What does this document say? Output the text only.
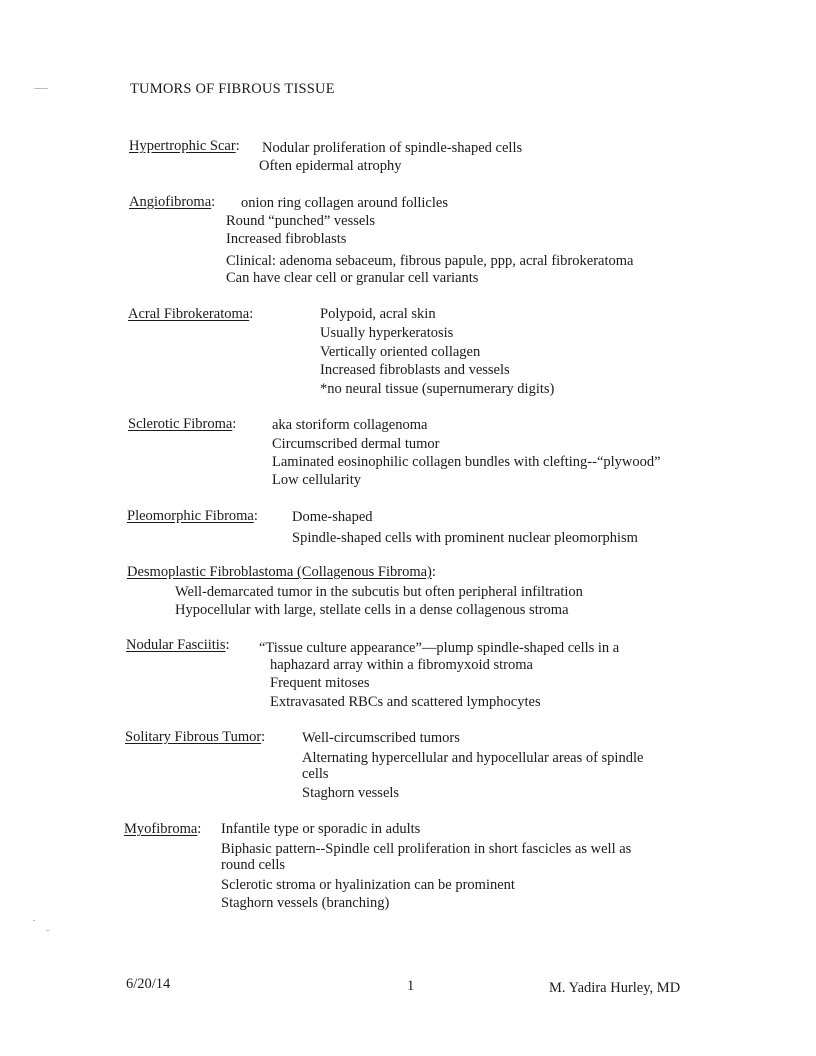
TUMORS OF FIBROUS TISSUE
Hypertrophic Scar: Nodular proliferation of spindle-shaped cells
Often epidermal atrophy
Angiofibroma: onion ring collagen around follicles
Round “punched” vessels
Increased fibroblasts
Clinical: adenoma sebaceum, fibrous papule, ppp, acral fibrokeratoma
Can have clear cell or granular cell variants
Acral Fibrokeratoma:	Polypoid, acral skin
Usually hyperkeratosis
Vertically oriented collagen
Increased fibroblasts and vessels
*no neural tissue (supernumerary digits)
Sclerotic Fibroma: aka storiform collagenoma
Circumscribed dermal tumor
Laminated eosinophilic collagen bundles with clefting--“plywood”
Low cellularity
Pleomorphic Fibroma: Dome-shaped
Spindle-shaped cells with prominent nuclear pleomorphism
Desmoplastic Fibroblastoma (Collagenous Fibroma):
Well-demarcated tumor in the subcutis but often peripheral infiltration
Hypocellular with large, stellate cells in a dense collagenous stroma
Nodular Fasciitis: “Tissue culture appearance”—plump spindle-shaped cells in a
haphazard array within a fibromyxoid stroma
Frequent mitoses
Extravasated RBCs and scattered lymphocytes
Solitary Fibrous Tumor:	Well-circumscribed tumors
Alternating hypercellular and hypocellular areas of spindle
cells
Staghorn vessels
Myofibroma: Infantile type or sporadic in adults
Biphasic pattern--Spindle cell proliferation in short fascicles as well as
round cells
Sclerotic stroma or hyalinization can be prominent
Staghorn vessels (branching)
6/20/14	1	M. Yadira Hurley, MD
